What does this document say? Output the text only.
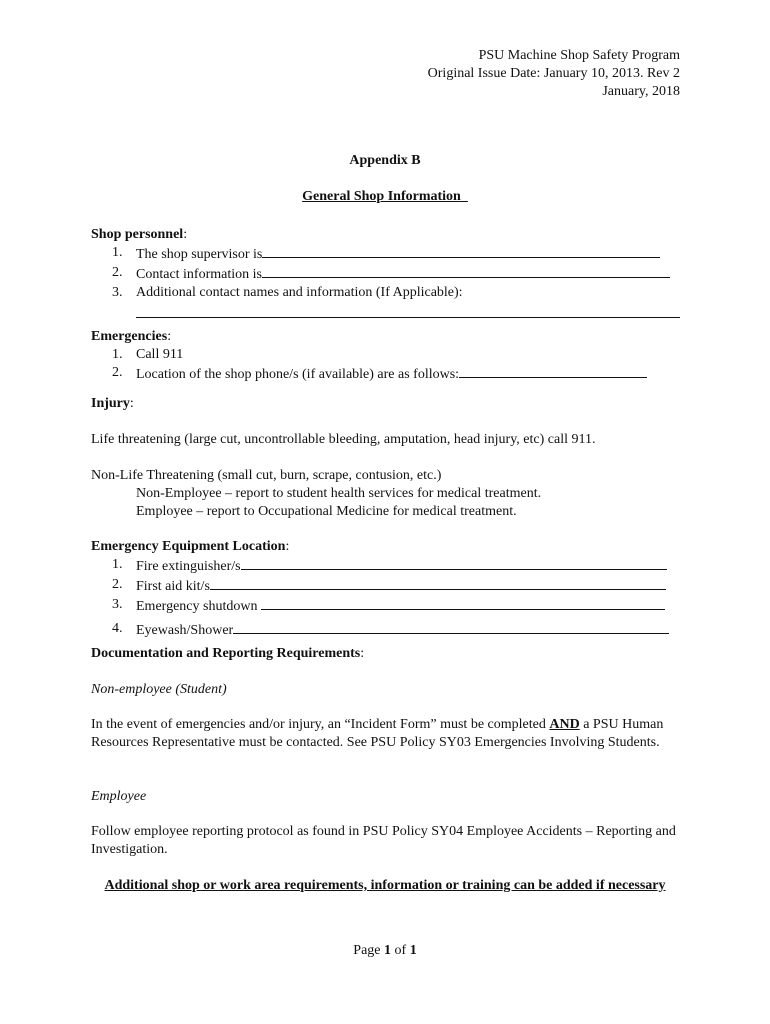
PSU Machine Shop Safety Program
Original Issue Date: January 10, 2013. Rev 2
January, 2018
Appendix B
General Shop Information
Shop personnel:
1. The shop supervisor is
2. Contact information is
3. Additional contact names and information (If Applicable):
Emergencies:
1. Call 911
2. Location of the shop phone/s (if available) are as follows:
Injury:
Life threatening (large cut, uncontrollable bleeding, amputation, head injury, etc) call 911.
Non-Life Threatening (small cut, burn, scrape, contusion, etc.)
Non-Employee – report to student health services for medical treatment.
Employee – report to Occupational Medicine for medical treatment.
Emergency Equipment Location:
1. Fire extinguisher/s
2. First aid kit/s
3. Emergency shutdown
4. Eyewash/Shower
Documentation and Reporting Requirements:
Non-employee (Student)

In the event of emergencies and/or injury, an “Incident Form” must be completed AND a PSU Human Resources Representative must be contacted. See PSU Policy SY03 Emergencies Involving Students.

Employee
Follow employee reporting protocol as found in PSU Policy SY04 Employee Accidents – Reporting and Investigation.
Additional shop or work area requirements, information or training can be added if necessary
Page 1 of 1
